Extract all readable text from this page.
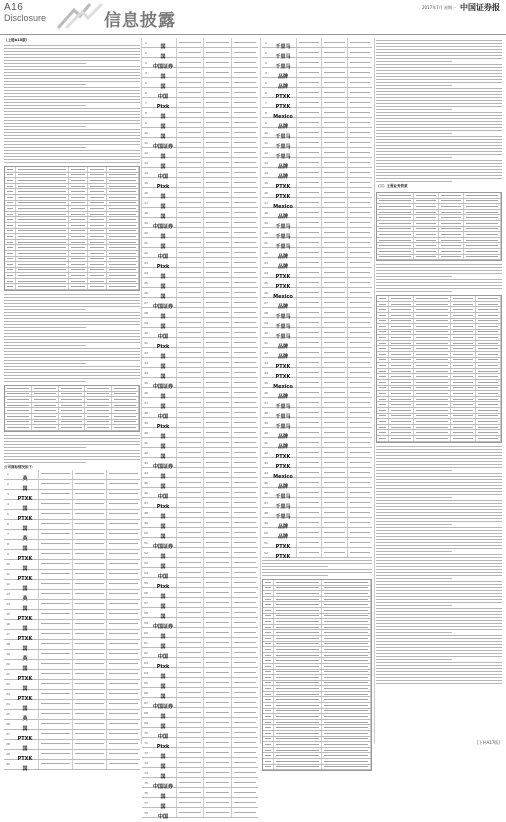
A16
Disclosure	信息披露
2017年7月 星期一 中国证券报
（上接A15版）
公司商标情况如下：
1
英
2
国
3
PTXK
4
国
5
PTXK
6
国
7
英
8
国
9
PTXK
10
国
11
PTXK
12
国
13
英
14
国
15
PTXK
16
国
17
PTXK
18
国
19
英
20
国
21
PTXK
22
国
23
PTXK
24
国
25
英
26
国
27
PTXK
28
国
29
PTXK
30
国
1
国
2
国
3
中国证券
4
国
5
国
6
中国
7
Ptxk
8
国
9
国
10
国
11
中国证券
12
国
13
国
14
中国
15
Ptxk
16
国
17
国
18
国
19
中国证券
20
国
21
国
22
中国
23
Ptxk
24
国
25
国
26
国
27
中国证券
28
国
29
国
30
中国
31
Ptxk
32
国
33
国
34
国
35
中国证券
36
国
37
国
38
中国
39
Ptxk
40
国
41
国
42
国
43
中国证券
44
国
45
国
46
中国
47
Ptxk
48
国
49
国
50
国
51
中国证券
52
国
53
国
54
中国
55
Ptxk
56
国
57
国
58
国
59
中国证券
60
国
61
国
62
中国
63
Ptxk
64
国
65
国
66
国
67
中国证券
68
国
69
国
70
中国
71
Ptxk
72
国
73
国
74
国
75
中国证券
76
国
77
国
78
中国
1
千里马
2
千里马
3
千里马
4
品牌
5
品牌
6
PTXK
7
PTXK
8
Mexico
9
品牌
10
千里马
11
千里马
12
千里马
13
品牌
14
品牌
15
PTXK
16
PTXK
17
Mexico
18
品牌
19
千里马
20
千里马
21
千里马
22
品牌
23
品牌
24
PTXK
25
PTXK
26
Mexico
27
品牌
28
千里马
29
千里马
30
千里马
31
品牌
32
品牌
33
PTXK
34
PTXK
35
Mexico
36
品牌
37
千里马
38
千里马
39
千里马
40
品牌
41
品牌
42
PTXK
43
PTXK
44
Mexico
45
品牌
46
千里马
47
千里马
48
千里马
49
品牌
50
品牌
51
PTXK
52
PTXK
（三）主要业务资质
[下转A17版]
